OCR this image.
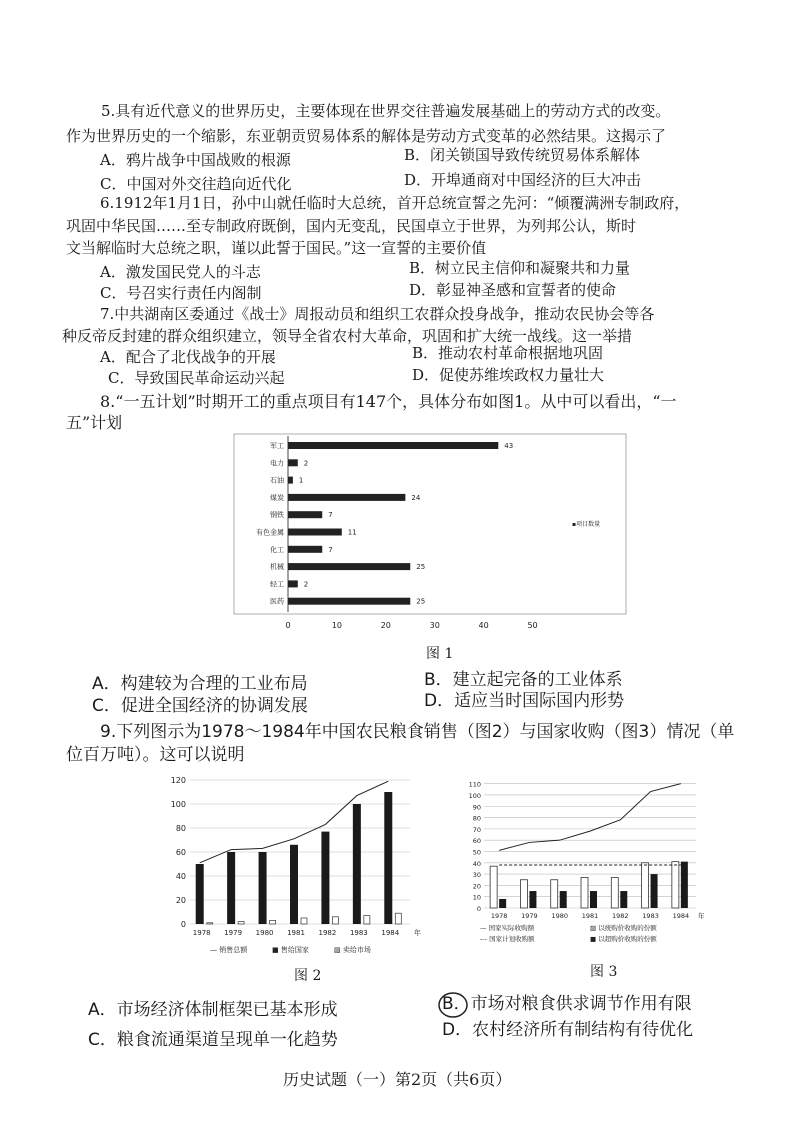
5.具有近代意义的世界历史，主要体现在世界交往普遍发展基础上的劳动方式的改变。
作为世界历史的一个缩影，东亚朝贡贸易体系的解体是劳动方式变革的必然结果。这揭示了
A．鸦片战争中国战败的根源	B．闭关锁国导致传统贸易体系解体
C．中国对外交往趋向近代化	D．开埠通商对中国经济的巨大冲击
6.1912年1月1日，孙中山就任临时大总统，首开总统宣誓之先河：“倾覆满洲专制政府，
巩固中华民国……至专制政府既倒，国内无变乱，民国卓立于世界，为列邦公认，斯时
文当解临时大总统之职，谨以此誓于国民。”这一宣誓的主要价值
A．激发国民党人的斗志	B．树立民主信仰和凝聚共和力量
C．号召实行责任内阁制	D．彰显神圣感和宣誓者的使命
7.中共湖南区委通过《战士》周报动员和组织工农群众投身战争，推动农民协会等各
种反帝反封建的群众组织建立，领导全省农村大革命，巩固和扩大统一战线。这一举措
A．配合了北伐战争的开展	B．推动农村革命根据地巩固
C．导致国民革命运动兴起	D．促使苏维埃政权力量壮大
8.“一五计划”时期开工的重点项目有147个，具体分布如图1。从中可以看出，“一
五”计划
军工	43
电力	2
石油 1
煤炭	24
钢铁	7
有色金属	11
化工	7
机械	25
轻工	2
医药	25
0	10	20	30	40	50
▪项目数量
图 1
A．构建较为合理的工业布局	B．建立起完备的工业体系
C．促进全国经济的协调发展	D．适应当时国际国内形势
9.下列图示为1978～1984年中国农民粮食销售（图2）与国家收购（图3）情况（单
位百万吨）。这可以说明
0
20
40
60
80
100
120
1978 1979 1980 1981 1982 1983 1984 年
— 销售总额	■ 售给国家	▨ 卖给市场
图 2
0
10
20
30
40
50
60
70
80
90
100
110
1978 1979 1980 1981 1982 1983 1984 年
— 国家实际收购额	▨ 以统购价收购的份额
--- 国家计划收购额	■ 以超购价收购的份额
图 3
A．市场经济体制框架已基本形成	B．市场对粮食供求调节作用有限
C．粮食流通渠道呈现单一化趋势	D．农村经济所有制结构有待优化
历史试题（一）第2页（共6页）
